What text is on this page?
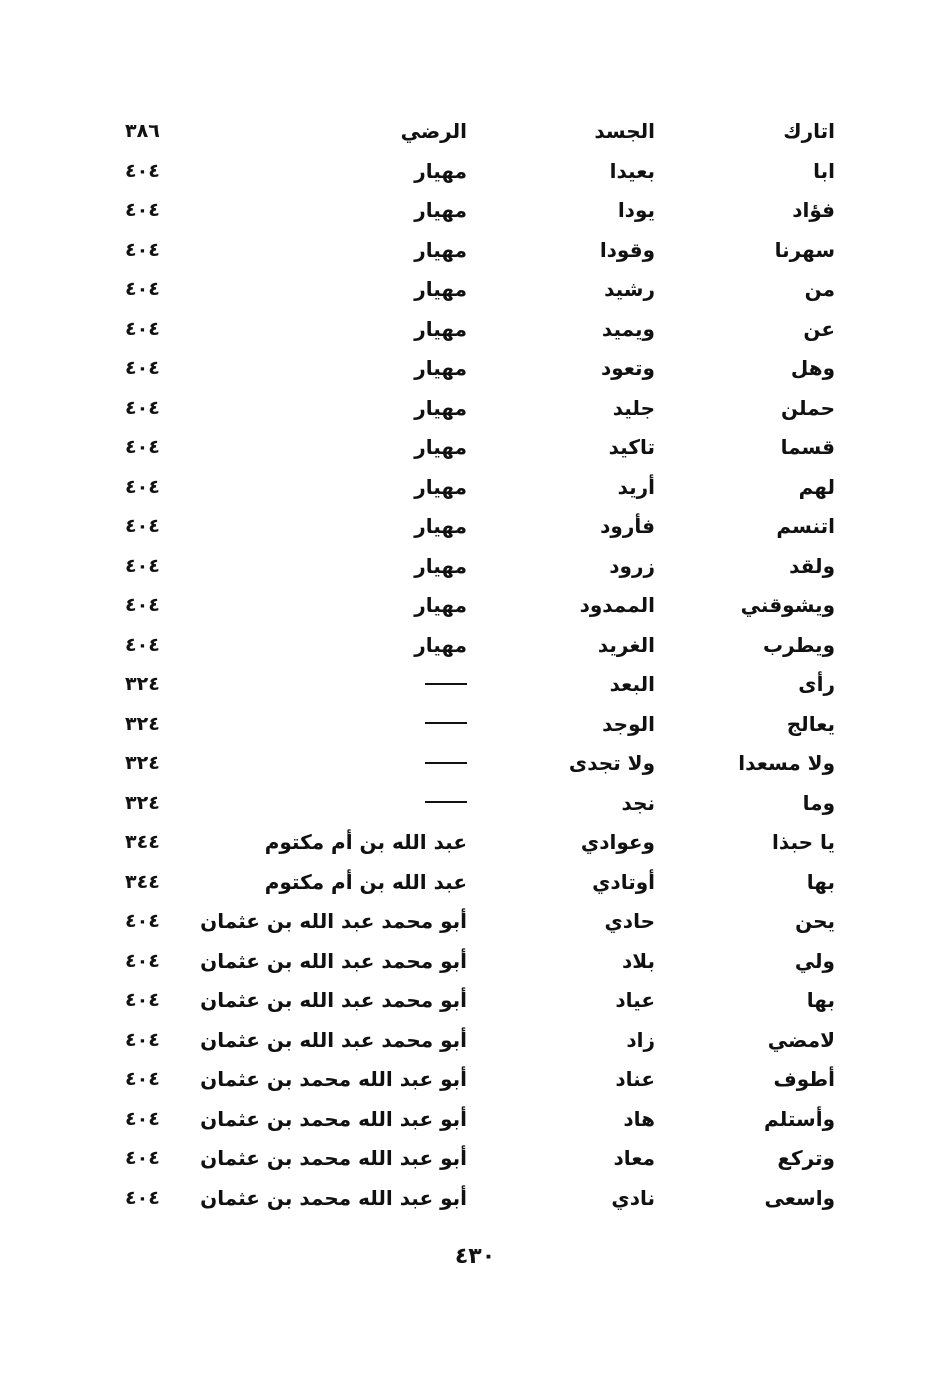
اتارك
الجسد
الرضي
٣٨٦
ابا
بعيدا
مهيار
٤٠٤
فؤاد
يودا
مهيار
٤٠٤
سهرنا
وقودا
مهيار
٤٠٤
من
رشيد
مهيار
٤٠٤
عن
ويميد
مهيار
٤٠٤
وهل
وتعود
مهيار
٤٠٤
حملن
جليد
مهيار
٤٠٤
قسما
تاكيد
مهيار
٤٠٤
لهم
أريد
مهيار
٤٠٤
اتنسم
فأرود
مهيار
٤٠٤
ولقد
زرود
مهيار
٤٠٤
ويشوقني
الممدود
مهيار
٤٠٤
ويطرب
الغريد
مهيار
٤٠٤
رأى
البعد
٣٢٤
يعالج
الوجد
٣٢٤
ولا مسعدا
ولا تجدى
٣٢٤
وما
نجد
٣٢٤
يا حبذا
وعوادي
عبد الله بن أم مكتوم
٣٤٤
بها
أوتادي
عبد الله بن أم مكتوم
٣٤٤
يحن
حادي
أبو محمد عبد الله بن عثمان
٤٠٤
ولي
بلاد
أبو محمد عبد الله بن عثمان
٤٠٤
بها
عياد
أبو محمد عبد الله بن عثمان
٤٠٤
لامضي
زاد
أبو محمد عبد الله بن عثمان
٤٠٤
أطوف
عناد
أبو عبد الله محمد بن عثمان
٤٠٤
وأستلم
هاد
أبو عبد الله محمد بن عثمان
٤٠٤
وتركع
معاد
أبو عبد الله محمد بن عثمان
٤٠٤
واسعى
نادي
أبو عبد الله محمد بن عثمان
٤٠٤
٤٣٠
